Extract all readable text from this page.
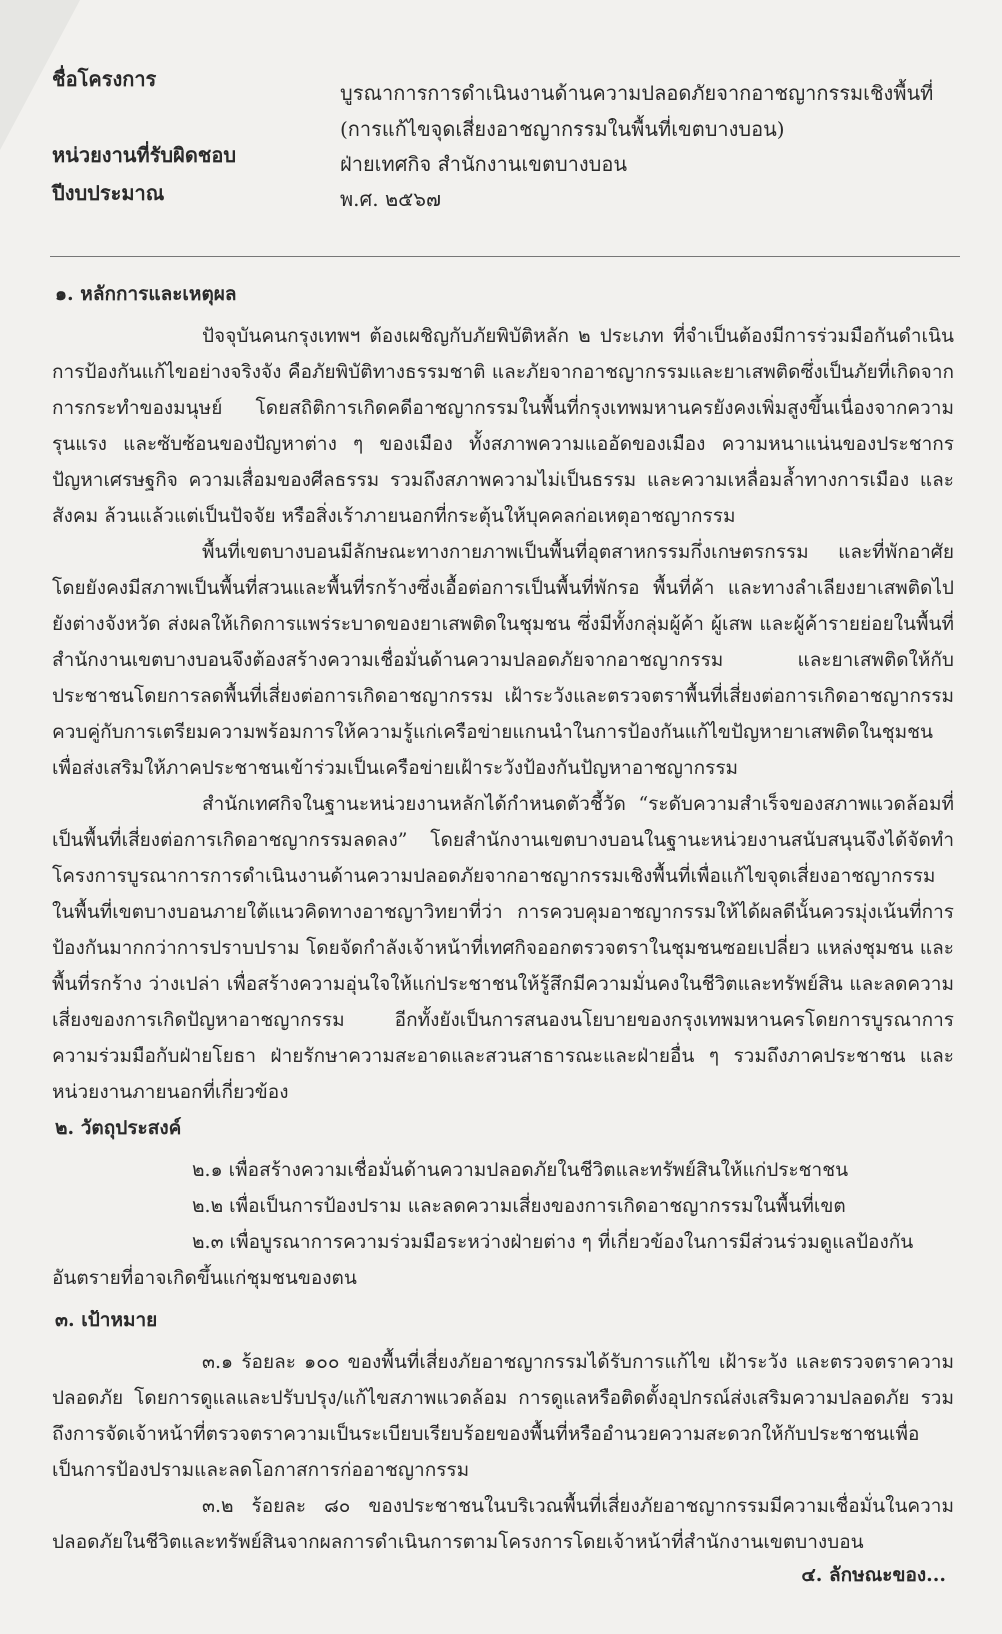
ชื่อโครงการ
บูรณาการการดำเนินงานด้านความปลอดภัยจากอาชญากรรมเชิงพื้นที่
(การแก้ไขจุดเสี่ยงอาชญากรรมในพื้นที่เขตบางบอน)
หน่วยงานที่รับผิดชอบ	ฝ่ายเทศกิจ สำนักงานเขตบางบอน
ปีงบประมาณ	พ.ศ. ๒๕๖๗
๑. หลักการและเหตุผล

ปัจจุบันคนกรุงเทพฯ ต้องเผชิญกับภัยพิบัติหลัก ๒ ประเภท ที่จำเป็นต้องมีการร่วมมือกันดำเนินการป้องกันแก้ไขอย่างจริงจัง คือภัยพิบัติทางธรรมชาติ และภัยจากอาชญากรรมและยาเสพติดซึ่งเป็นภัยที่เกิดจากการกระทำของมนุษย์ โดยสถิติการเกิดคดีอาชญากรรมในพื้นที่กรุงเทพมหานครยังคงเพิ่มสูงขึ้นเนื่องจากความรุนแรง และซับซ้อนของปัญหาต่าง ๆ ของเมือง ทั้งสภาพความแออัดของเมือง ความหนาแน่นของประชากร ปัญหาเศรษฐกิจ ความเสื่อมของศีลธรรม รวมถึงสภาพความไม่เป็นธรรม และความเหลื่อมล้ำทางการเมือง และสังคม ล้วนแล้วแต่เป็นปัจจัย หรือสิ่งเร้าภายนอกที่กระตุ้นให้บุคคลก่อเหตุอาชญากรรม

พื้นที่เขตบางบอนมีลักษณะทางกายภาพเป็นพื้นที่อุตสาหกรรมกึ่งเกษตรกรรม และที่พักอาศัยโดยยังคงมีสภาพเป็นพื้นที่สวนและพื้นที่รกร้างซึ่งเอื้อต่อการเป็นพื้นที่พักรอ พื้นที่ค้า และทางลำเลียงยาเสพติดไปยังต่างจังหวัด ส่งผลให้เกิดการแพร่ระบาดของยาเสพติดในชุมชน ซึ่งมีทั้งกลุ่มผู้ค้า ผู้เสพ และผู้ค้ารายย่อยในพื้นที่ สำนักงานเขตบางบอนจึงต้องสร้างความเชื่อมั่นด้านความปลอดภัยจากอาชญากรรม และยาเสพติดให้กับประชาชนโดยการลดพื้นที่เสี่ยงต่อการเกิดอาชญากรรม เฝ้าระวังและตรวจตราพื้นที่เสี่ยงต่อการเกิดอาชญากรรม ควบคู่กับการเตรียมความพร้อมการให้ความรู้แก่เครือข่ายแกนนำในการป้องกันแก้ไขปัญหายาเสพติดในชุมชนเพื่อส่งเสริมให้ภาคประชาชนเข้าร่วมเป็นเครือข่ายเฝ้าระวังป้องกันปัญหาอาชญากรรม

สำนักเทศกิจในฐานะหน่วยงานหลักได้กำหนดตัวชี้วัด “ระดับความสำเร็จของสภาพแวดล้อมที่เป็นพื้นที่เสี่ยงต่อการเกิดอาชญากรรมลดลง” โดยสำนักงานเขตบางบอนในฐานะหน่วยงานสนับสนุนจึงได้จัดทำโครงการบูรณาการการดำเนินงานด้านความปลอดภัยจากอาชญากรรมเชิงพื้นที่เพื่อแก้ไขจุดเสี่ยงอาชญากรรมในพื้นที่เขตบางบอนภายใต้แนวคิดทางอาชญาวิทยาที่ว่า การควบคุมอาชญากรรมให้ได้ผลดีนั้นควรมุ่งเน้นที่การป้องกันมากกว่าการปราบปราม โดยจัดกำลังเจ้าหน้าที่เทศกิจออกตรวจตราในชุมชนซอยเปลี่ยว แหล่งชุมชน และพื้นที่รกร้าง ว่างเปล่า เพื่อสร้างความอุ่นใจให้แก่ประชาชนให้รู้สึกมีความมั่นคงในชีวิตและทรัพย์สิน และลดความเสี่ยงของการเกิดปัญหาอาชญากรรม อีกทั้งยังเป็นการสนองนโยบายของกรุงเทพมหานครโดยการบูรณาการความร่วมมือกับฝ่ายโยธา ฝ่ายรักษาความสะอาดและสวนสาธารณะและฝ่ายอื่น ๆ รวมถึงภาคประชาชน และหน่วยงานภายนอกที่เกี่ยวข้อง

๒. วัตถุประสงค์

๒.๑ เพื่อสร้างความเชื่อมั่นด้านความปลอดภัยในชีวิตและทรัพย์สินให้แก่ประชาชน

๒.๒ เพื่อเป็นการป้องปราม และลดความเสี่ยงของการเกิดอาชญากรรมในพื้นที่เขต

๒.๓ เพื่อบูรณาการความร่วมมือระหว่างฝ่ายต่าง ๆ ที่เกี่ยวข้องในการมีส่วนร่วมดูแลป้องกันอันตรายที่อาจเกิดขึ้นแก่ชุมชนของตน

๓. เป้าหมาย

๓.๑ ร้อยละ ๑๐๐ ของพื้นที่เสี่ยงภัยอาชญากรรมได้รับการแก้ไข เฝ้าระวัง และตรวจตราความปลอดภัย โดยการดูแลและปรับปรุง/แก้ไขสภาพแวดล้อม การดูแลหรือติดตั้งอุปกรณ์ส่งเสริมความปลอดภัย รวมถึงการจัดเจ้าหน้าที่ตรวจตราความเป็นระเบียบเรียบร้อยของพื้นที่หรืออำนวยความสะดวกให้กับประชาชนเพื่อเป็นการป้องปรามและลดโอกาสการก่ออาชญากรรม

๓.๒ ร้อยละ ๘๐ ของประชาชนในบริเวณพื้นที่เสี่ยงภัยอาชญากรรมมีความเชื่อมั่นในความปลอดภัยในชีวิตและทรัพย์สินจากผลการดำเนินการตามโครงการโดยเจ้าหน้าที่สำนักงานเขตบางบอน

๔. ลักษณะของ...
